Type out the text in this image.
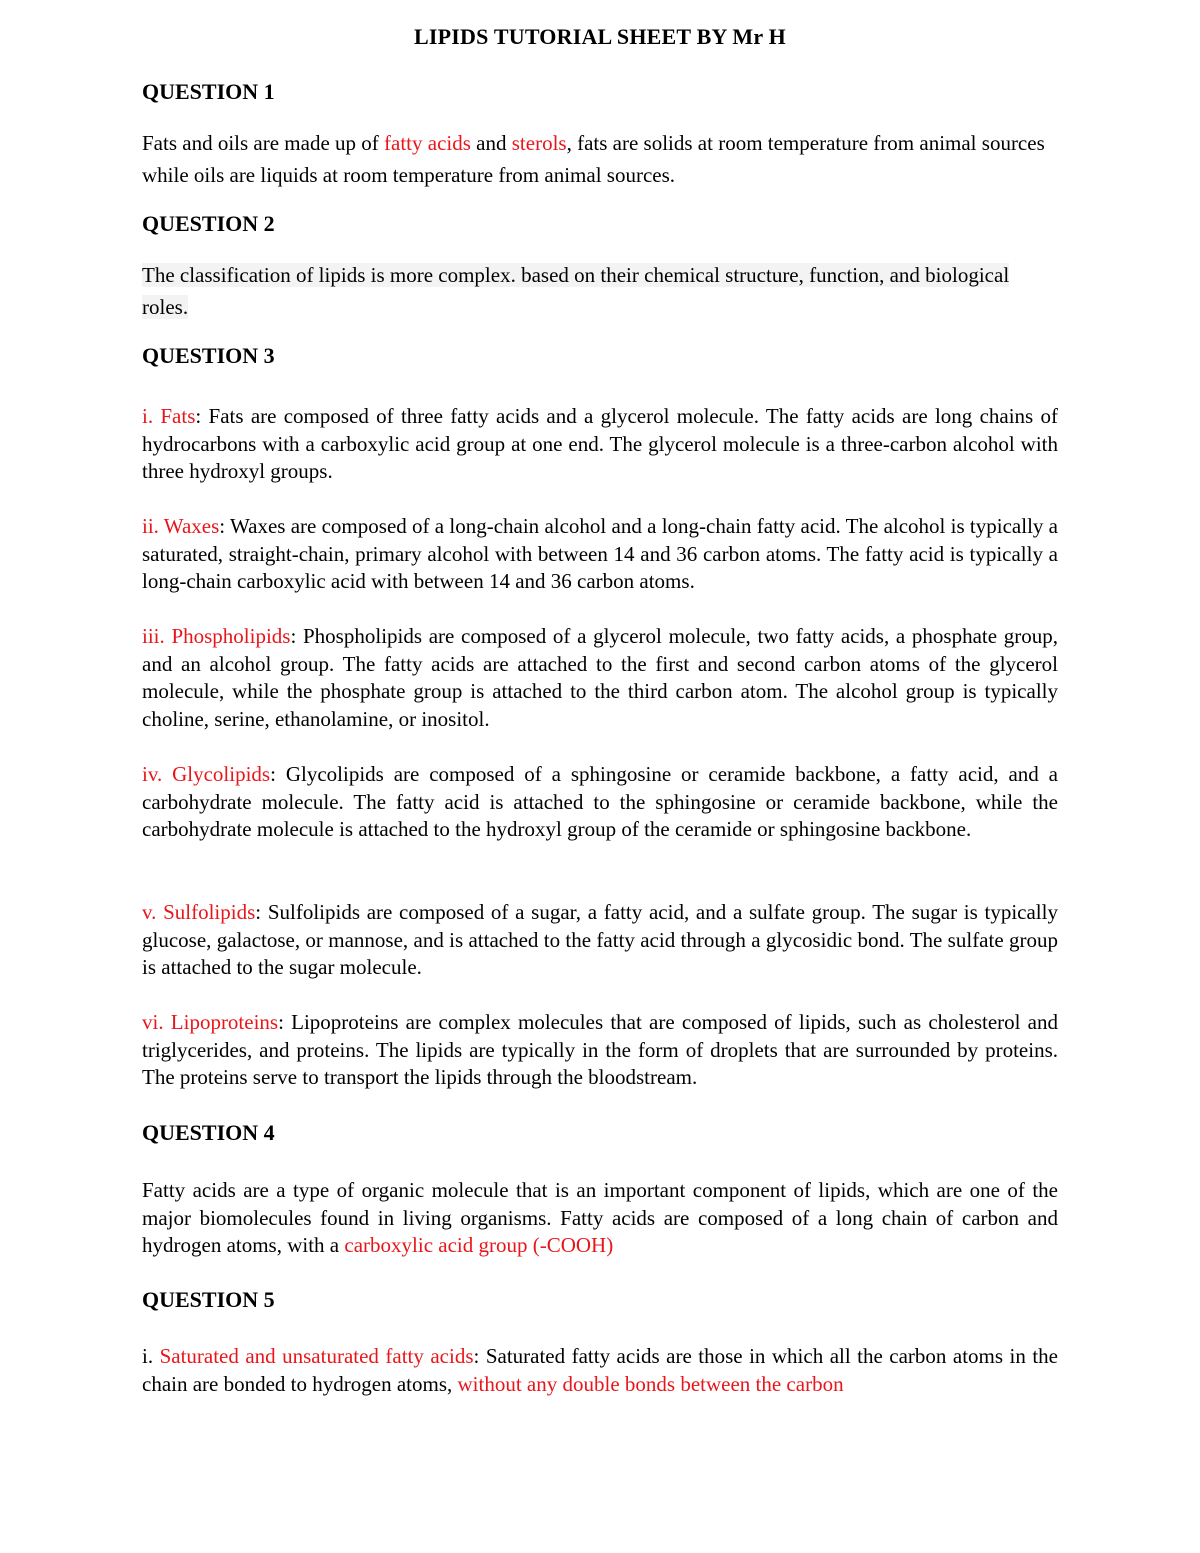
LIPIDS TUTORIAL SHEET BY Mr H
QUESTION 1

Fats and oils are made up of fatty acids and sterols, fats are solids at room temperature from animal sources while oils are liquids at room temperature from animal sources.

QUESTION 2

The classification of lipids is more complex. based on their chemical structure, function, and biological roles.

QUESTION 3

i. Fats: Fats are composed of three fatty acids and a glycerol molecule. The fatty acids are long chains of hydrocarbons with a carboxylic acid group at one end. The glycerol molecule is a three-carbon alcohol with three hydroxyl groups.

ii. Waxes: Waxes are composed of a long-chain alcohol and a long-chain fatty acid. The alcohol is typically a saturated, straight-chain, primary alcohol with between 14 and 36 carbon atoms. The fatty acid is typically a long-chain carboxylic acid with between 14 and 36 carbon atoms.

iii. Phospholipids: Phospholipids are composed of a glycerol molecule, two fatty acids, a phosphate group, and an alcohol group. The fatty acids are attached to the first and second carbon atoms of the glycerol molecule, while the phosphate group is attached to the third carbon atom. The alcohol group is typically choline, serine, ethanolamine, or inositol.

iv. Glycolipids: Glycolipids are composed of a sphingosine or ceramide backbone, a fatty acid, and a carbohydrate molecule. The fatty acid is attached to the sphingosine or ceramide backbone, while the carbohydrate molecule is attached to the hydroxyl group of the ceramide or sphingosine backbone.

v. Sulfolipids: Sulfolipids are composed of a sugar, a fatty acid, and a sulfate group. The sugar is typically glucose, galactose, or mannose, and is attached to the fatty acid through a glycosidic bond. The sulfate group is attached to the sugar molecule.

vi. Lipoproteins: Lipoproteins are complex molecules that are composed of lipids, such as cholesterol and triglycerides, and proteins. The lipids are typically in the form of droplets that are surrounded by proteins. The proteins serve to transport the lipids through the bloodstream.

QUESTION 4

Fatty acids are a type of organic molecule that is an important component of lipids, which are one of the major biomolecules found in living organisms. Fatty acids are composed of a long chain of carbon and hydrogen atoms, with a carboxylic acid group (-COOH)

QUESTION 5

i. Saturated and unsaturated fatty acids: Saturated fatty acids are those in which all the carbon atoms in the chain are bonded to hydrogen atoms, without any double bonds between the carbon
